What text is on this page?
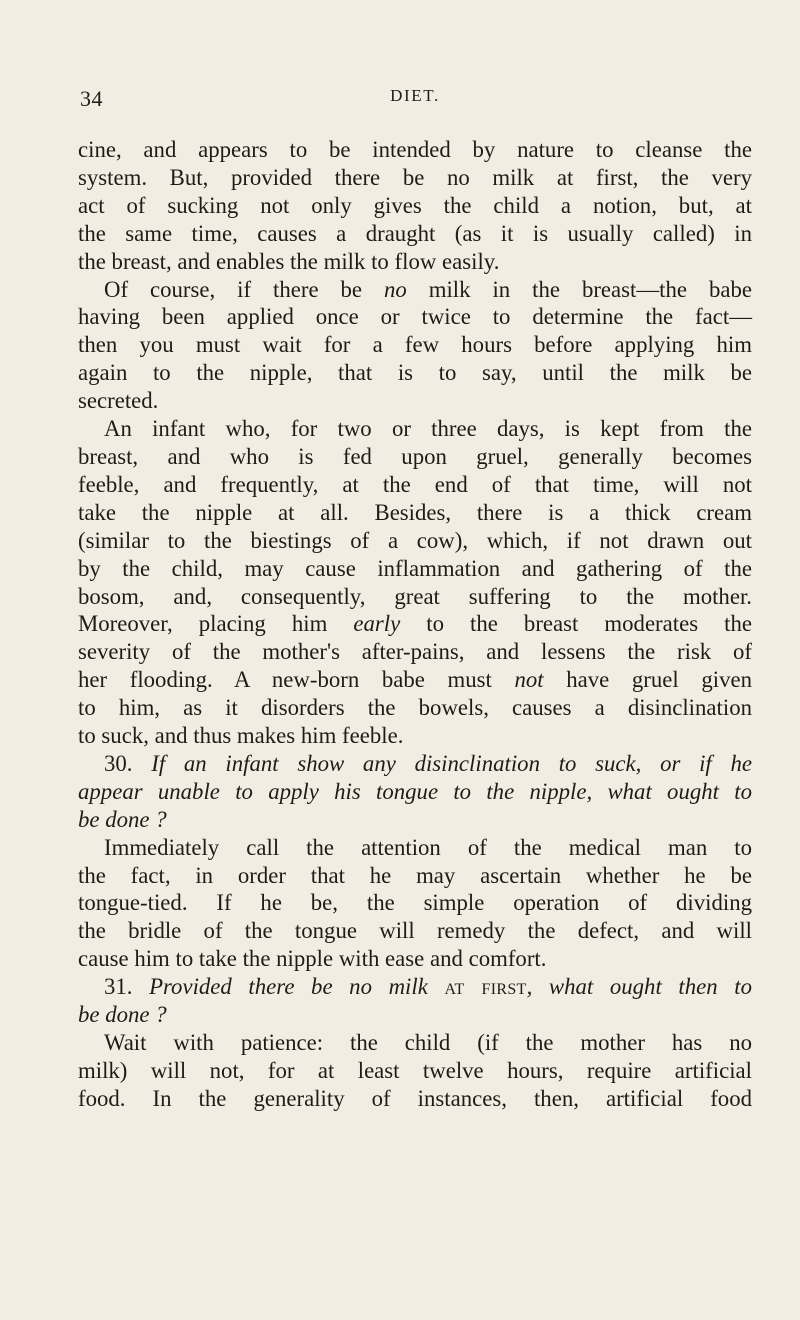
34	DIET.
cine, and appears to be intended by nature to cleanse the
system. But, provided there be no milk at first, the very
act of sucking not only gives the child a notion, but, at
the same time, causes a draught (as it is usually called) in
the breast, and enables the milk to flow easily.
Of course, if there be no milk in the breast—the babe
having been applied once or twice to determine the fact—
then you must wait for a few hours before applying him
again to the nipple, that is to say, until the milk be
secreted.
An infant who, for two or three days, is kept from the
breast, and who is fed upon gruel, generally becomes
feeble, and frequently, at the end of that time, will not
take the nipple at all. Besides, there is a thick cream
(similar to the biestings of a cow), which, if not drawn out
by the child, may cause inflammation and gathering of the
bosom, and, consequently, great suffering to the mother.
Moreover, placing him early to the breast moderates the
severity of the mother's after-pains, and lessens the risk of
her flooding. A new-born babe must not have gruel given
to him, as it disorders the bowels, causes a disinclination
to suck, and thus makes him feeble.
30. If an infant show any disinclination to suck, or if he
appear unable to apply his tongue to the nipple, what ought to
be done ?
Immediately call the attention of the medical man to
the fact, in order that he may ascertain whether he be
tongue-tied. If he be, the simple operation of dividing
the bridle of the tongue will remedy the defect, and will
cause him to take the nipple with ease and comfort.
31. Provided there be no milk at first, what ought then to
be done ?
Wait with patience: the child (if the mother has no
milk) will not, for at least twelve hours, require artificial
food. In the generality of instances, then, artificial food
